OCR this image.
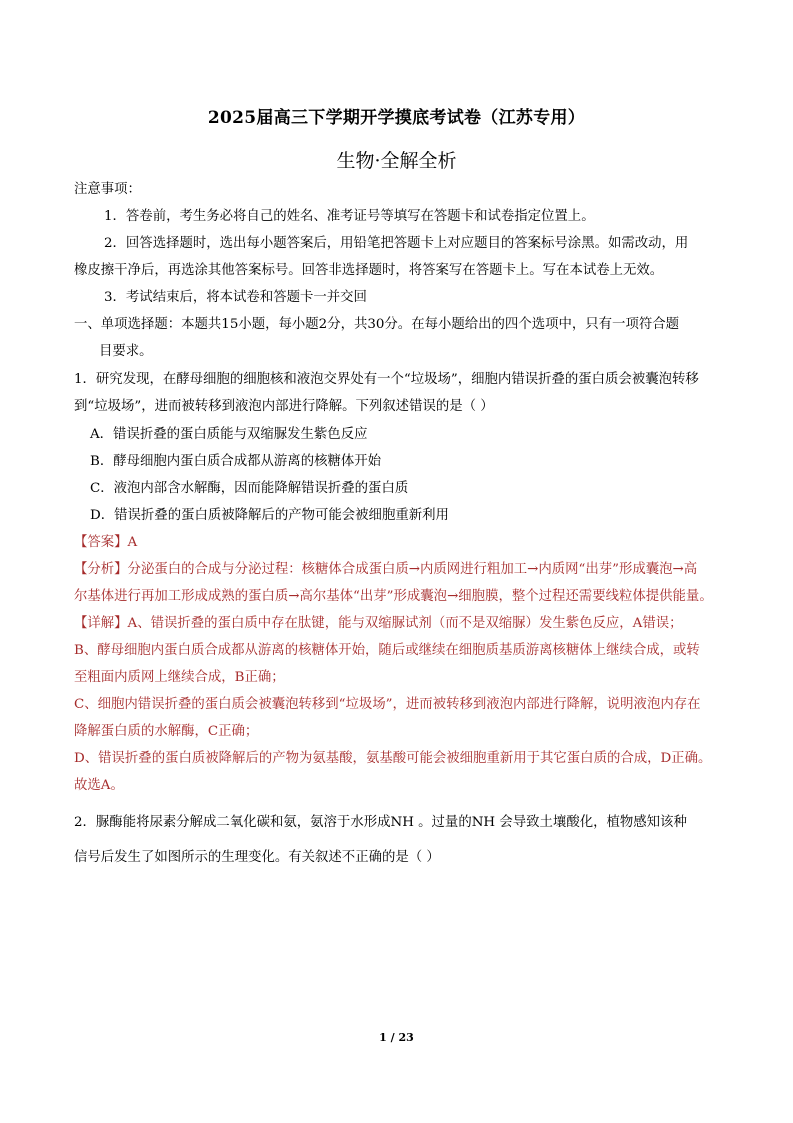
2025届高三下学期开学摸底考试卷（江苏专用）
生物·全解全析
注意事项：
1．答卷前，考生务必将自己的姓名、准考证号等填写在答题卡和试卷指定位置上。
2．回答选择题时，选出每小题答案后，用铅笔把答题卡上对应题目的答案标号涂黑。如需改动，用
橡皮擦干净后，再选涂其他答案标号。回答非选择题时，将答案写在答题卡上。写在本试卷上无效。
3．考试结束后，将本试卷和答题卡一并交回
一、单项选择题：本题共15小题，每小题2分，共30分。在每小题给出的四个选项中，只有一项符合题
目要求。
1．研究发现，在酵母细胞的细胞核和液泡交界处有一个“垃圾场”，细胞内错误折叠的蛋白质会被囊泡转移
到“垃圾场”，进而被转移到液泡内部进行降解。下列叙述错误的是（ ）
A．错误折叠的蛋白质能与双缩脲发生紫色反应
B．酵母细胞内蛋白质合成都从游离的核糖体开始
C．液泡内部含水解酶，因而能降解错误折叠的蛋白质
D．错误折叠的蛋白质被降解后的产物可能会被细胞重新利用
【答案】A
【分析】分泌蛋白的合成与分泌过程：核糖体合成蛋白质→内质网进行粗加工→内质网“出芽”形成囊泡→高
尔基体进行再加工形成成熟的蛋白质→高尔基体“出芽”形成囊泡→细胞膜，整个过程还需要线粒体提供能量。
【详解】A、错误折叠的蛋白质中存在肽键，能与双缩脲试剂（而不是双缩脲）发生紫色反应，A错误；
B、酵母细胞内蛋白质合成都从游离的核糖体开始，随后或继续在细胞质基质游离核糖体上继续合成，或转
至粗面内质网上继续合成，B正确；
C、细胞内错误折叠的蛋白质会被囊泡转移到“垃圾场”，进而被转移到液泡内部进行降解，说明液泡内存在
降解蛋白质的水解酶，C正确；
D、错误折叠的蛋白质被降解后的产物为氨基酸，氨基酸可能会被细胞重新用于其它蛋白质的合成，D正确。
故选A。
2．脲酶能将尿素分解成二氧化碳和氨，氨溶于水形成NH 。过量的NH 会导致土壤酸化，植物感知该种
信号后发生了如图所示的生理变化。有关叙述不正确的是（ ）
1 / 23
